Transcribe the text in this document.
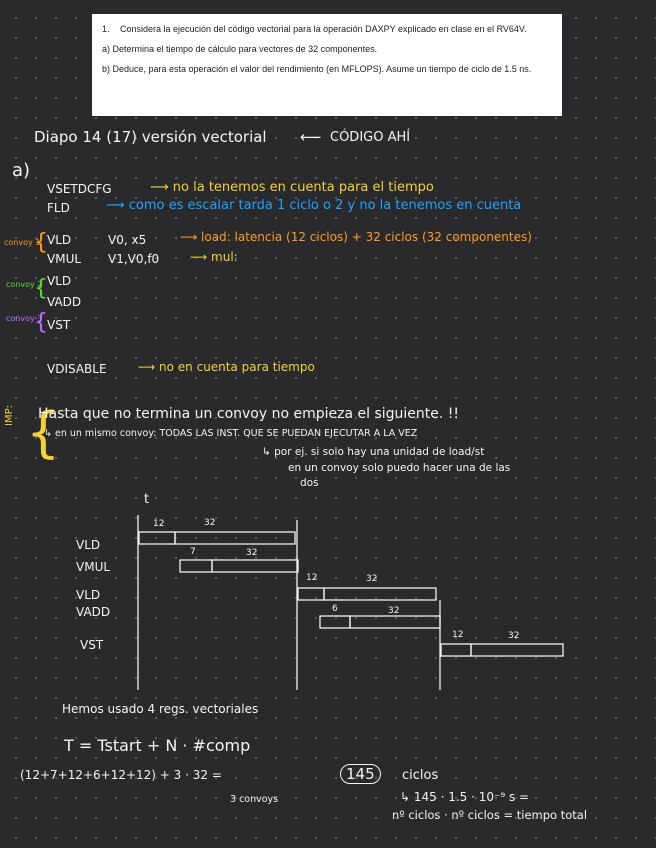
1. Considera la ejecución del código vectorial para la operación DAXPY explicado en clase en el RV64V.

a) Determina el tiempo de cálculo para vectores de 32 componentes.

b) Deduce, para esta operación el valor del rendimiento (en MFLOPS). Asume un tiempo de ciclo de 1.5 ns.

Diapo 14 (17) versión vectorial ⟵ CÓDIGO AHÍ
a)
VSETDCFG	⟶ no la tenemos en cuenta para el tiempo
FLD	⟶ como es escalar tarda 1 ciclo o 2 y no la tenemos en cuenta
convoy 1
{ VLD	V0, x5	⟶ load: latencia (12 ciclos) + 32 ciclos (32 componentes)
VMUL V1,V0,f0	⟶ mul:
convoy 2
{ VLD
VADD
convoy 3
{ VST
VDISABLE	⟶ no en cuenta para tiempo
IMP: {
Hasta que no termina un convoy no empieza el siguiente. !!
↳ en un mismo convoy: TODAS LAS INST. QUE SE PUEDAN EJECUTAR A LA VEZ
↳ por ej. si solo hay una unidad de load/st
en un convoy solo puedo hacer una de las
dos
t
VLD
VMUL
VLD
VADD
VST
12	32
7	32
12	32
6	32
12	32
Hemos usado 4 regs. vectoriales
T = Tstart + N · #comp
(12+7+12+6+12+12) + 3 · 32 =	145	ciclos
3 convoys	↳ 145 · 1.5 · 10⁻⁹ s =
nº ciclos · nº ciclos = tiempo total
